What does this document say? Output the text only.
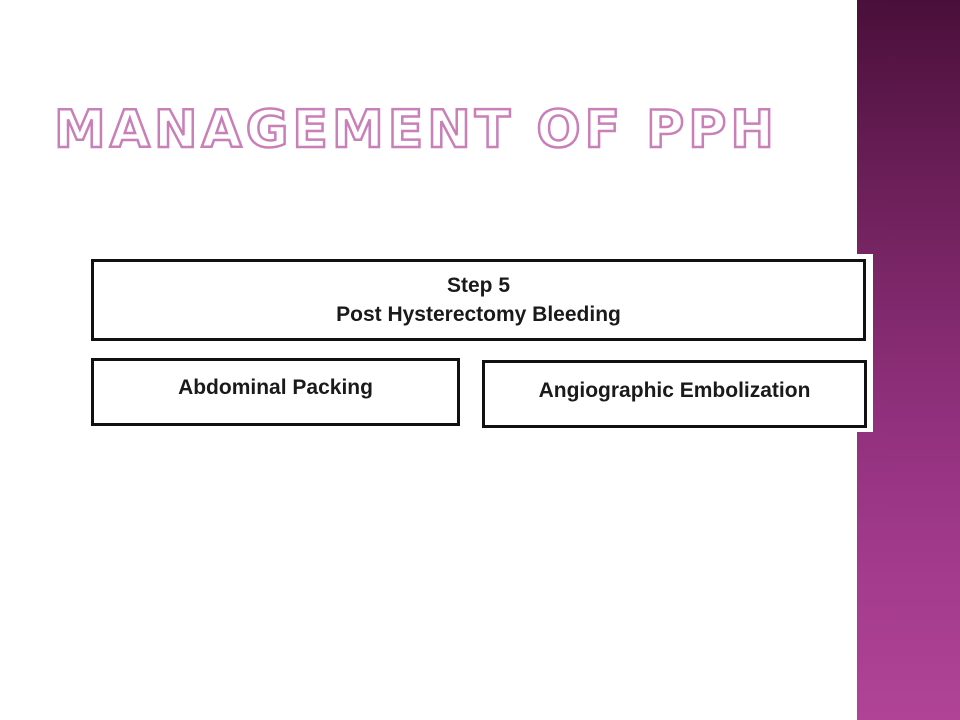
MANAGEMENT OF PPH
Step 5
Post Hysterectomy Bleeding
Abdominal Packing	Angiographic Embolization
